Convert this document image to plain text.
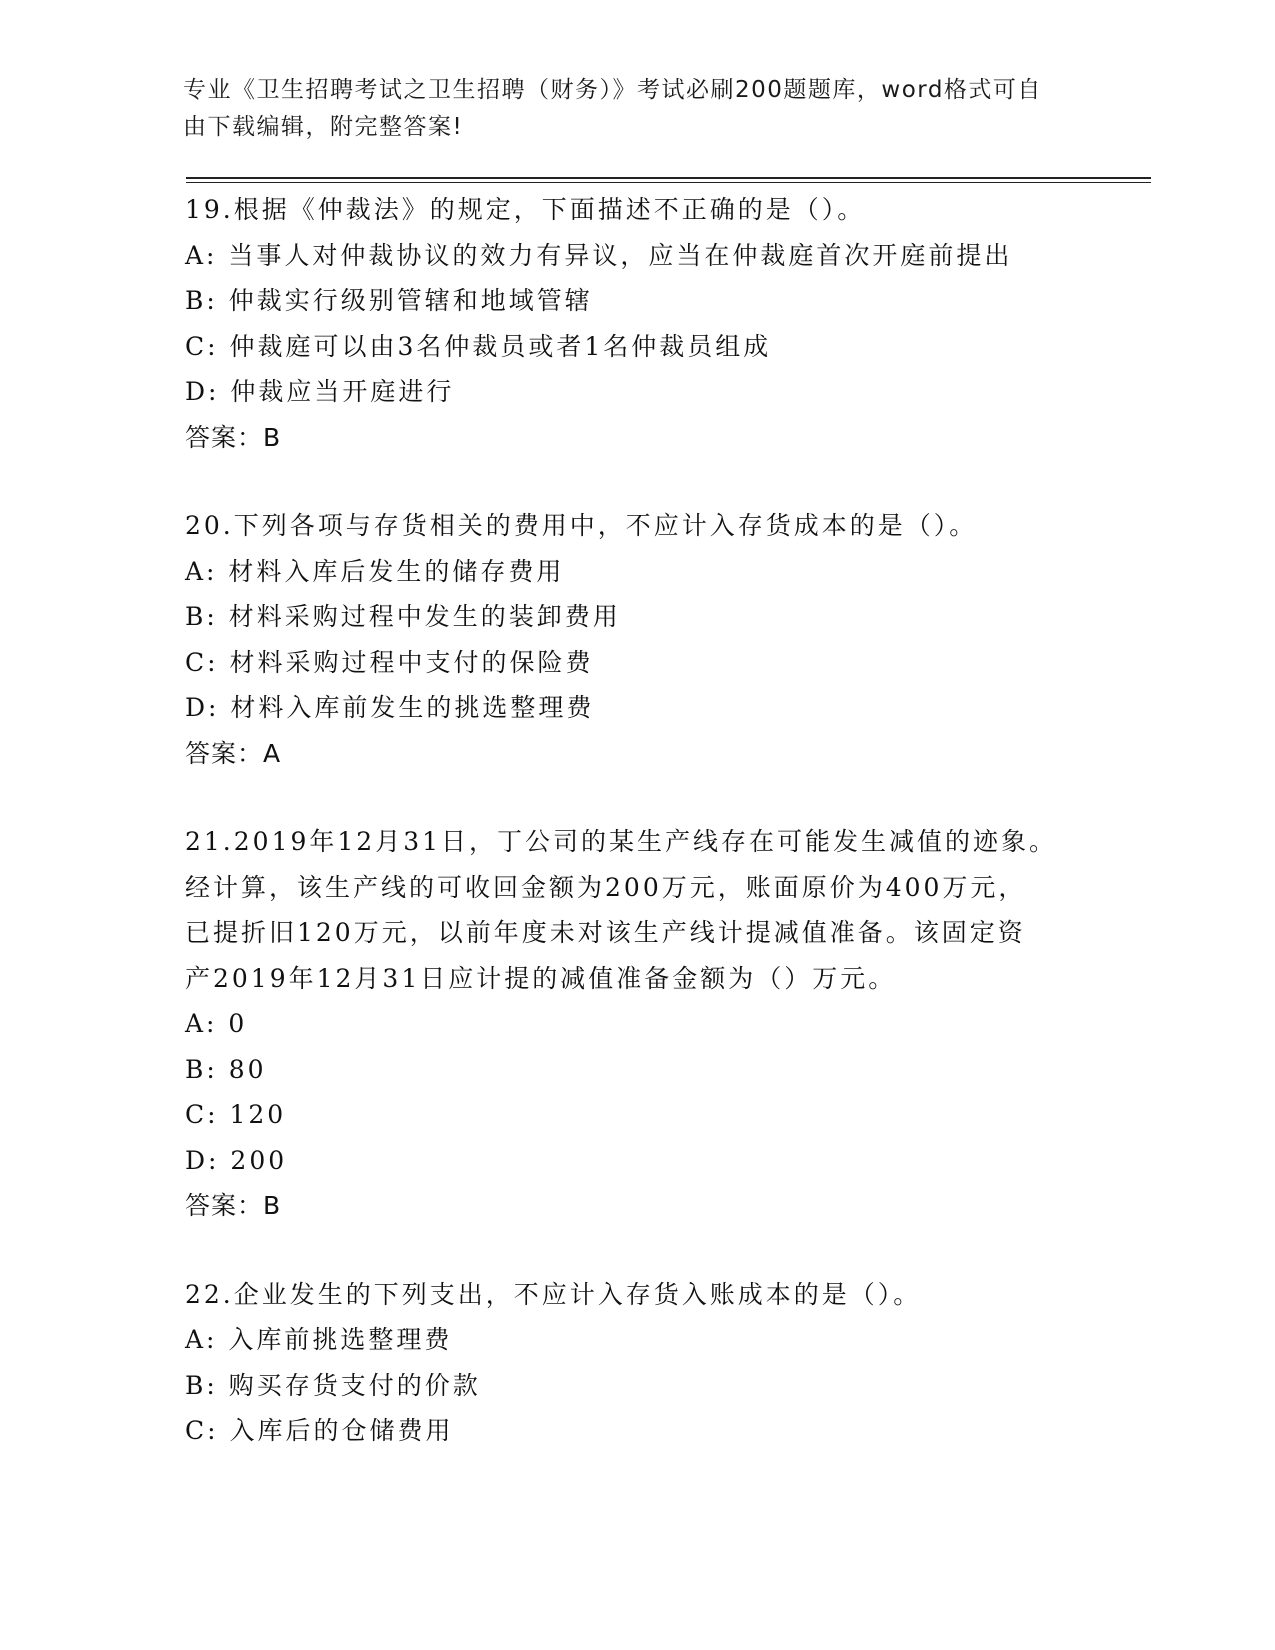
专业《卫生招聘考试之卫生招聘（财务）》考试必刷200题题库，word格式可自
由下载编辑，附完整答案!
19.根据《仲裁法》的规定，下面描述不正确的是（）。
A: 当事人对仲裁协议的效力有异议，应当在仲裁庭首次开庭前提出
B: 仲裁实行级别管辖和地域管辖
C: 仲裁庭可以由3名仲裁员或者1名仲裁员组成
D: 仲裁应当开庭进行
答案：B
20.下列各项与存货相关的费用中，不应计入存货成本的是（）。
A: 材料入库后发生的储存费用
B: 材料采购过程中发生的装卸费用
C: 材料采购过程中支付的保险费
D: 材料入库前发生的挑选整理费
答案：A
21.2019年12月31日，丁公司的某生产线存在可能发生减值的迹象。
经计算，该生产线的可收回金额为200万元，账面原价为400万元，
已提折旧120万元，以前年度未对该生产线计提减值准备。该固定资
产2019年12月31日应计提的减值准备金额为（）万元。
A: 0
B: 80
C: 120
D: 200
答案：B
22.企业发生的下列支出，不应计入存货入账成本的是（）。
A: 入库前挑选整理费
B: 购买存货支付的价款
C: 入库后的仓储费用
